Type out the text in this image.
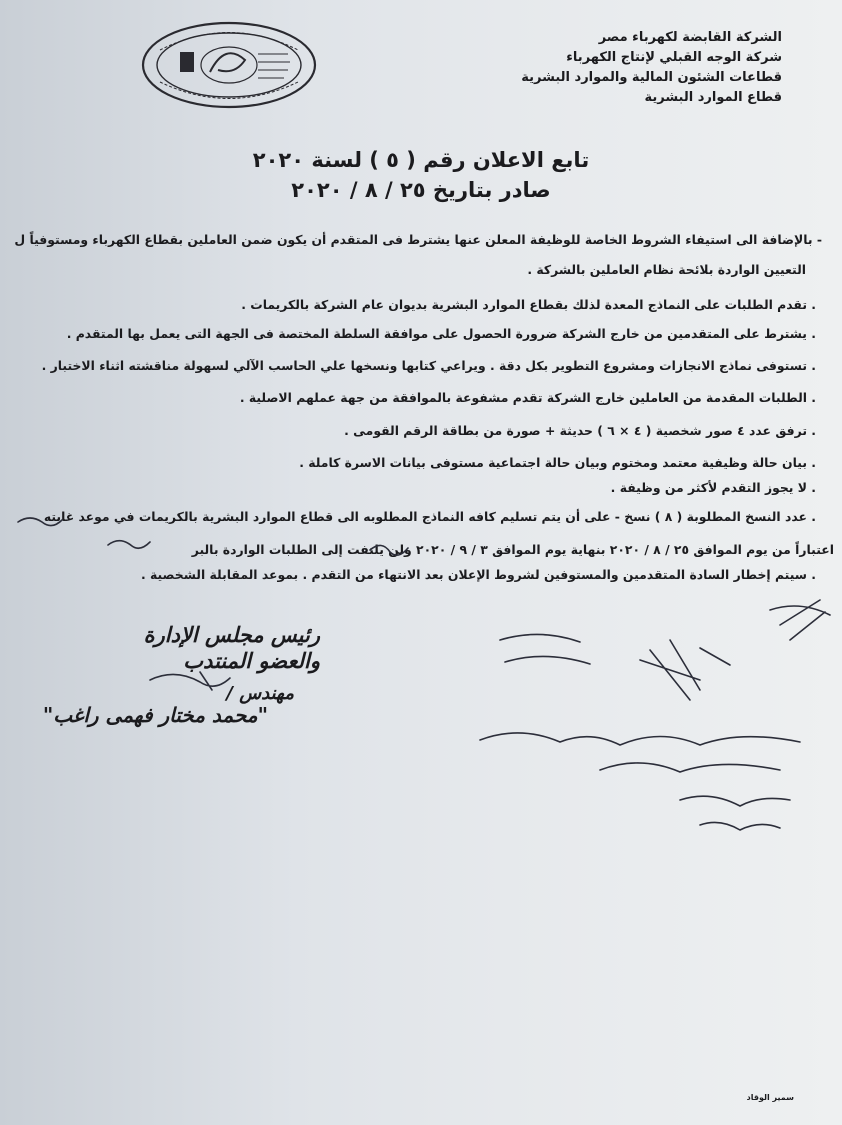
الشركة القابضة لكهرباء مصر
شركة الوجه القبلي لإنتاج الكهرباء
قطاعات الشئون المالية والموارد البشرية
قطاع الموارد البشرية
تابع الاعلان رقم ( ٥ ) لسنة ٢٠٢٠
صادر بتاريخ ٢٥ / ٨ / ٢٠٢٠
- بالإضافة الى استيفاء الشروط الخاصة للوظيفة المعلن عنها يشترط فى المتقدم أن يكون ضمن العاملين بقطاع الكهرباء ومستوفياً ل
التعيين الواردة بلائحة نظام العاملين بالشركة .
. تقدم الطلبات على النماذج المعدة لذلك بقطاع الموارد البشرية بديوان عام الشركة بالكريمات .
. يشترط على المتقدمين من خارج الشركة ضرورة الحصول على موافقة السلطة المختصة فى الجهة التى يعمل بها المتقدم .
. تستوفى نماذج الانجازات ومشروع التطوير بكل دقة . ويراعي كتابها ونسخها علي الحاسب الآلي لسهولة مناقشته اثناء الاختبار .
. الطلبات المقدمة من العاملين خارج الشركة تقدم مشفوعة بالموافقة من جهة عملهم الاصلية .
. ترفق عدد ٤ صور شخصية ( ٤ × ٦ ) حديثة + صورة من بطاقة الرقم القومى .
. بيان حالة وظيفية معتمد ومختوم وبيان حالة اجتماعية مستوفى بيانات الاسرة كاملة .
. لا يجوز التقدم لأكثر من وظيفة .
. عدد النسخ المطلوبة ( ٨ ) نسخ - على أن يتم تسليم كافه النماذج المطلوبه الى قطاع الموارد البشرية بالكريمات في موعد غايته
اعتباراً من يوم الموافق ٢٥ / ٨ / ٢٠٢٠ بنهاية يوم الموافق ٣ / ٩ / ٢٠٢٠ ولن يلتفت إلى الطلبات الواردة بالبر
. سيتم إخطار السادة المتقدمين والمستوفين لشروط الإعلان بعد الانتهاء من التقدم . بموعد المقابلة الشخصية .
رئيس مجلس الإدارة
والعضو المنتدب
مهندس /
"محمد مختار فهمى راغب"
سمير الوقاد
